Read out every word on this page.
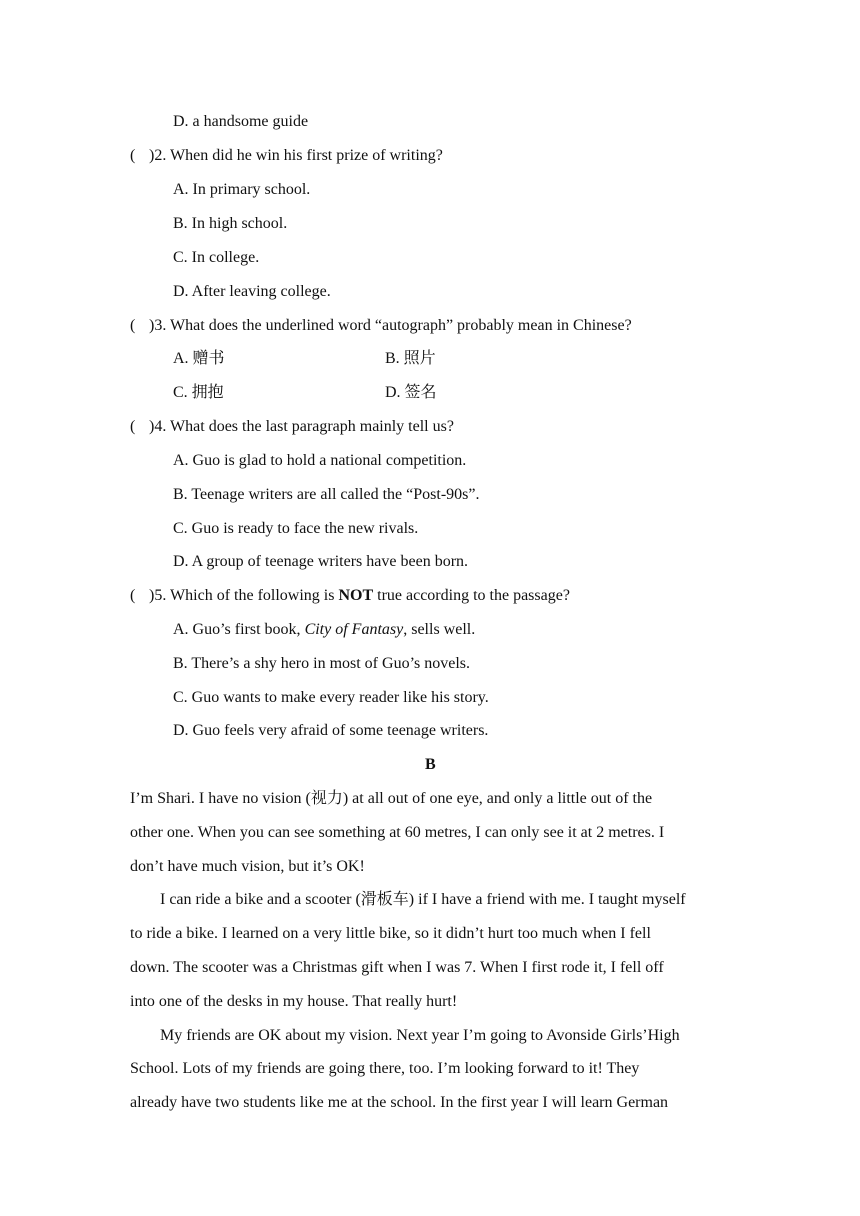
D. a handsome guide
( )2. When did he win his first prize of writing?
A. In primary school.
B. In high school.
C. In college.
D. After leaving college.
( )3. What does the underlined word “autograph” probably mean in Chinese?
A. 赠书	B. 照片
C. 拥抱	D. 签名
( )4. What does the last paragraph mainly tell us?
A. Guo is glad to hold a national competition.
B. Teenage writers are all called the “Post-90s”.
C. Guo is ready to face the new rivals.
D. A group of teenage writers have been born.
( )5. Which of the following is NOT true according to the passage?
A. Guo’s first book, City of Fantasy, sells well.
B. There’s a shy hero in most of Guo’s novels.
C. Guo wants to make every reader like his story.
D. Guo feels very afraid of some teenage writers.
B
I’m Shari. I have no vision (视力) at all out of one eye, and only a little out of the
other one. When you can see something at 60 metres, I can only see it at 2 metres. I
don’t have much vision, but it’s OK!
I can ride a bike and a scooter (滑板车) if I have a friend with me. I taught myself
to ride a bike. I learned on a very little bike, so it didn’t hurt too much when I fell
down. The scooter was a Christmas gift when I was 7. When I first rode it, I fell off
into one of the desks in my house. That really hurt!
My friends are OK about my vision. Next year I’m going to Avonside Girls’High
School. Lots of my friends are going there, too. I’m looking forward to it! They
already have two students like me at the school. In the first year I will learn German
